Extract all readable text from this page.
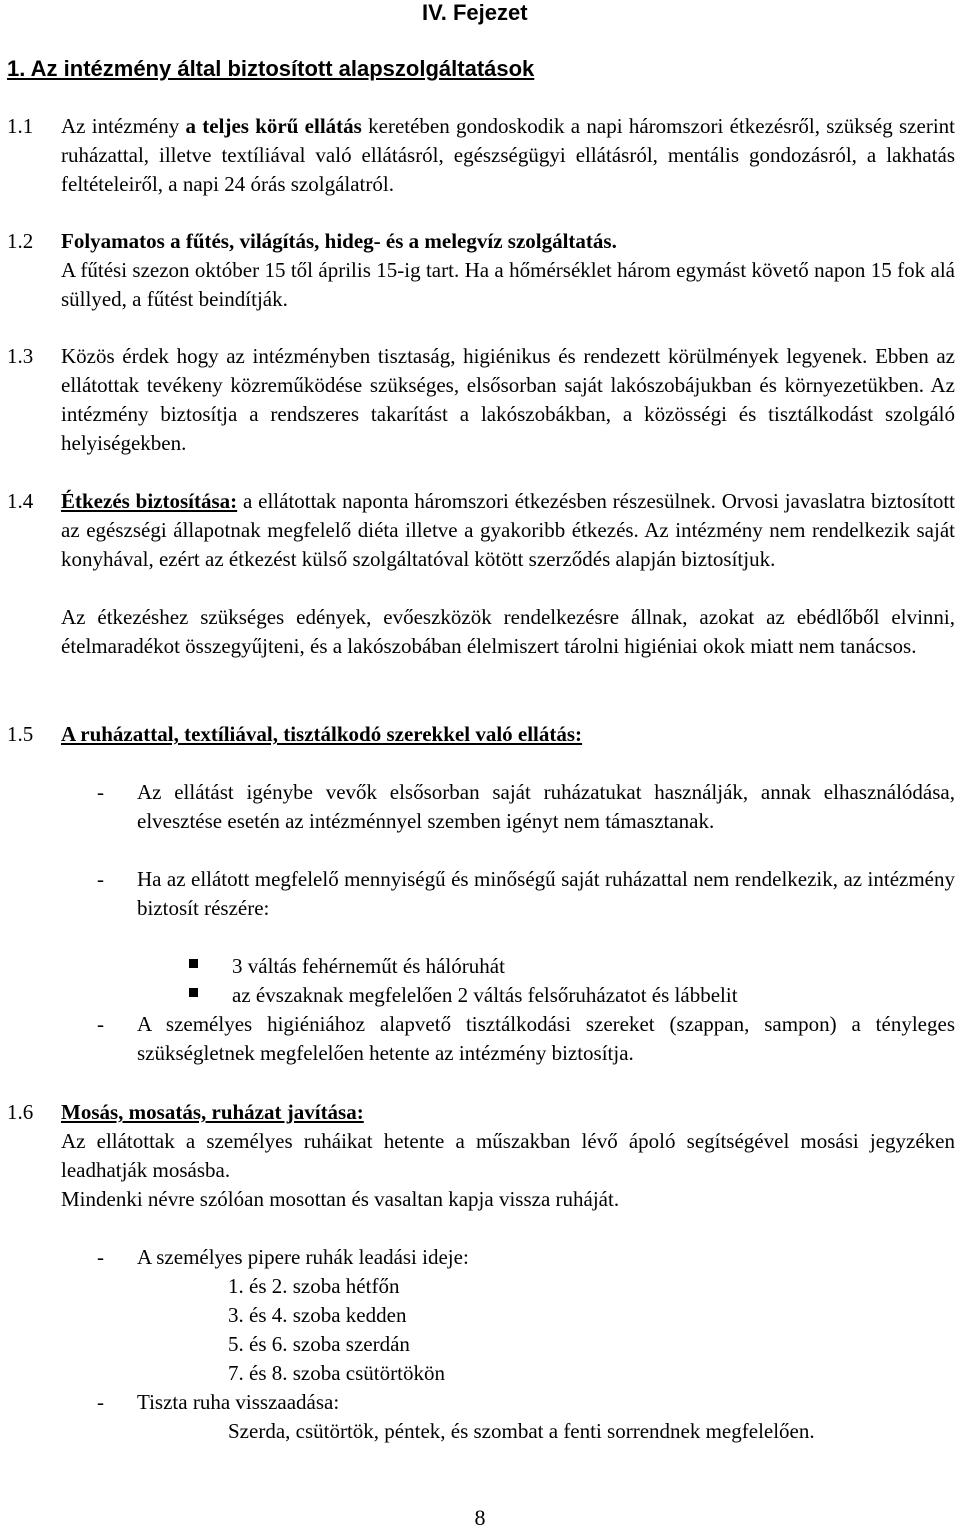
IV. Fejezet
1. Az intézmény által biztosított alapszolgáltatások
1.1	Az intézmény a teljes körű ellátás keretében gondoskodik a napi háromszori étkezésről, szükség szerint ruházattal, illetve textíliával való ellátásról, egészségügyi ellátásról, mentális gondozásról, a lakhatás feltételeiről, a napi 24 órás szolgálatról.

1.2	Folyamatos a fűtés, világítás, hideg- és a melegvíz szolgáltatás.

A fűtési szezon október 15 től április 15-ig tart. Ha a hőmérséklet három egymást követő napon 15 fok alá süllyed, a fűtést beindítják.

1.3	Közös érdek hogy az intézményben tisztaság, higiénikus és rendezett körülmények legyenek. Ebben az ellátottak tevékeny közreműködése szükséges, elsősorban saját lakószobájukban és környezetükben. Az intézmény biztosítja a rendszeres takarítást a lakószobákban, a közösségi és tisztálkodást szolgáló helyiségekben.

1.4	Étkezés biztosítása: a ellátottak naponta háromszori étkezésben részesülnek. Orvosi javaslatra biztosított az egészségi állapotnak megfelelő diéta illetve a gyakoribb étkezés. Az intézmény nem rendelkezik saját konyhával, ezért az étkezést külső szolgáltatóval kötött szerződés alapján biztosítjuk.

Az étkezéshez szükséges edények, evőeszközök rendelkezésre állnak, azokat az ebédlőből elvinni, ételmaradékot összegyűjteni, és a lakószobában élelmiszert tárolni higiéniai okok miatt nem tanácsos.

1.5	A ruházattal, textíliával, tisztálkodó szerekkel való ellátás:

- Az ellátást igénybe vevők elsősorban saját ruházatukat használják, annak elhasználódása, elvesztése esetén az intézménnyel szemben igényt nem támasztanak.

- Ha az ellátott megfelelő mennyiségű és minőségű saját ruházattal nem rendelkezik, az intézmény biztosít részére:

3 váltás fehérneműt és hálóruhát
az évszaknak megfelelően 2 váltás felsőruházatot és lábbelit
- A személyes higiéniához alapvető tisztálkodási szereket (szappan, sampon) a tényleges szükségletnek megfelelően hetente az intézmény biztosítja.

1.6	Mosás, mosatás, ruházat javítása:

Az ellátottak a személyes ruháikat hetente a műszakban lévő ápoló segítségével mosási jegyzéken leadhatják mosásba.

Mindenki névre szólóan mosottan és vasaltan kapja vissza ruháját.

- A személyes pipere ruhák leadási ideje:
1. és 2. szoba hétfőn
3. és 4. szoba kedden
5. és 6. szoba szerdán
7. és 8. szoba csütörtökön
- Tiszta ruha visszaadása:
Szerda, csütörtök, péntek, és szombat a fenti sorrendnek megfelelően.
8
